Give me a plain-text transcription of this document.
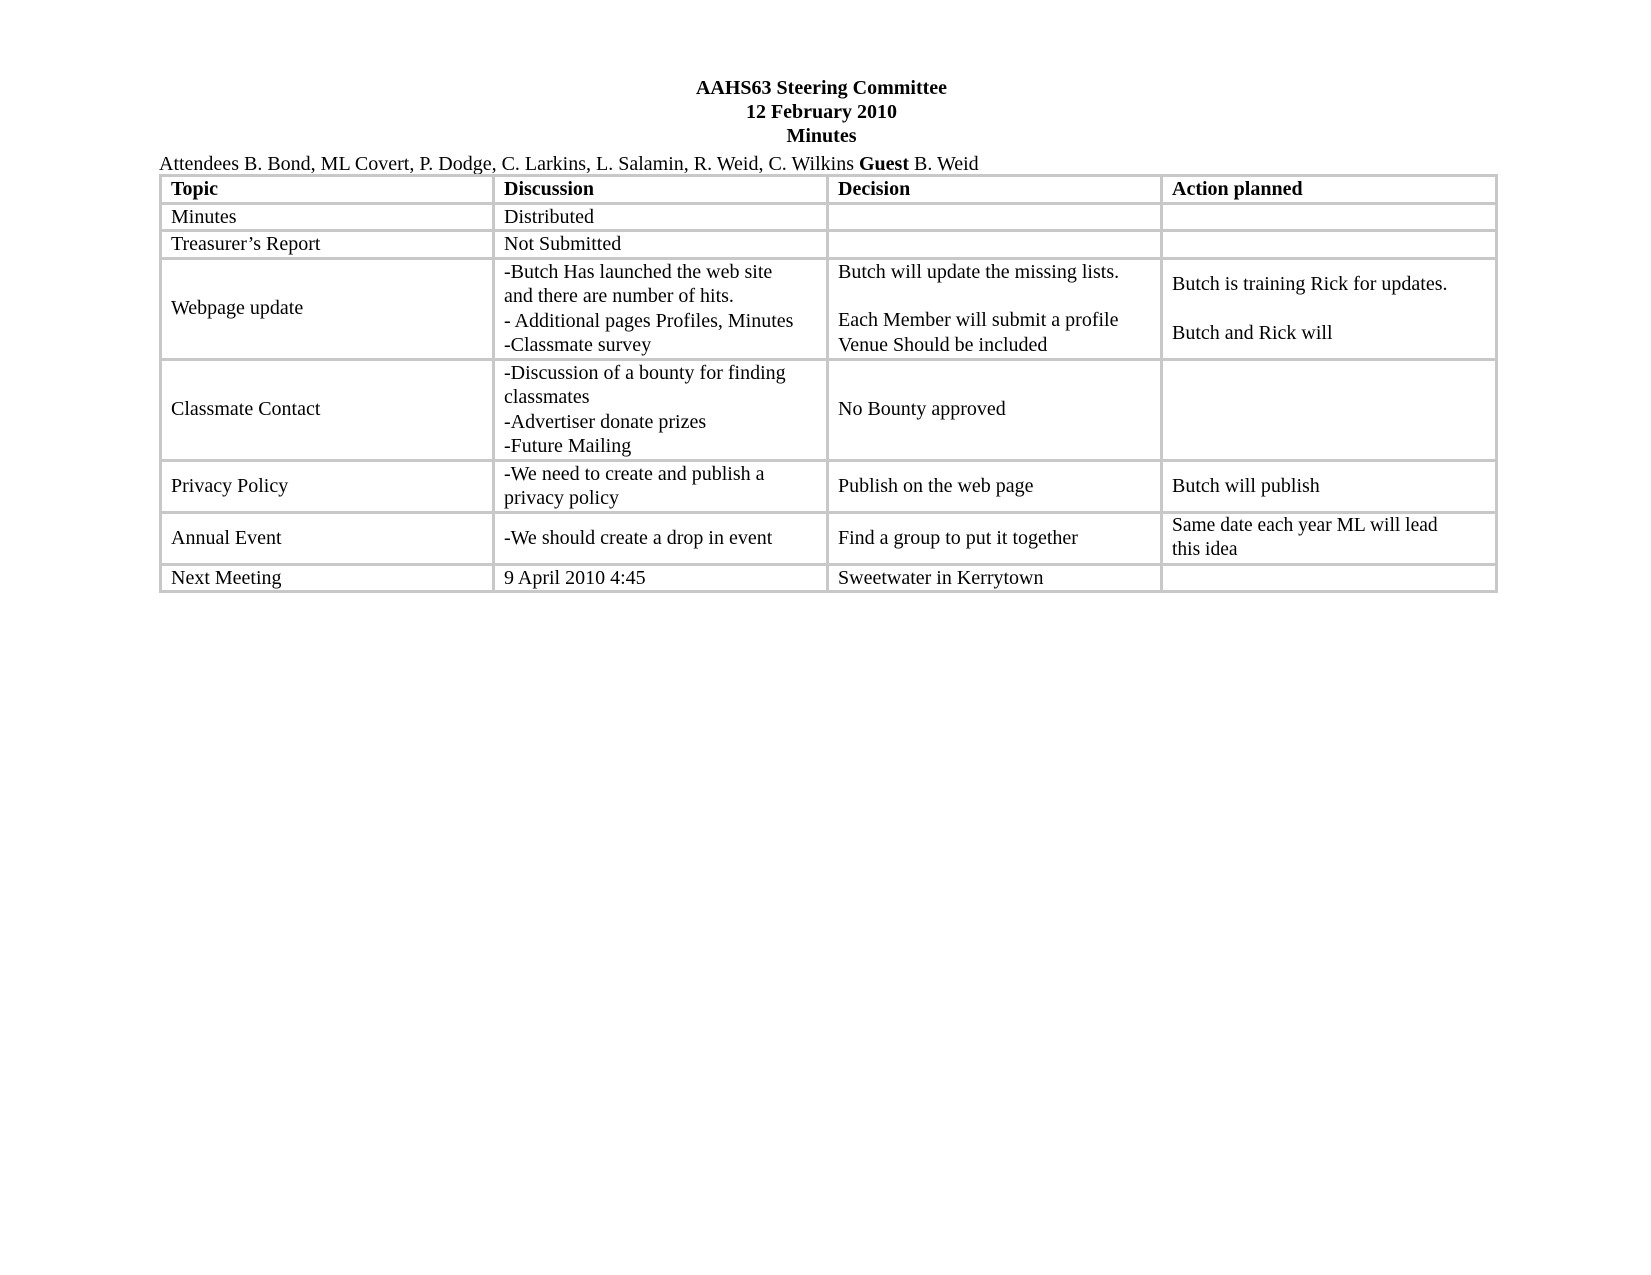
AAHS63 Steering Committee
12 February 2010
Minutes
Attendees B. Bond, ML Covert, P. Dodge, C. Larkins, L. Salamin, R. Weid, C. Wilkins Guest B. Weid
Topic	Discussion	Decision	Action planned
Minutes	Distributed		

Treasurer’s Report	Not Submitted		

Webpage update	-Butch Has launched the web site
and there are number of hits.
- Additional pages Profiles, Minutes
-Classmate survey	Butch will update the missing lists.
Each Member will submit a profile
Venue Should be included	Butch is training Rick for updates.
Butch and Rick will

Classmate Contact	-Discussion of a bounty for finding
classmates
-Advertiser donate prizes
-Future Mailing	No Bounty approved	

Privacy Policy	-We need to create and publish a
privacy policy	Publish on the web page	Butch will publish

Annual Event	-We should create a drop in event	Find a group to put it together	Same date each year ML will lead
this idea

Next Meeting	9 April 2010 4:45	Sweetwater in Kerrytown	
